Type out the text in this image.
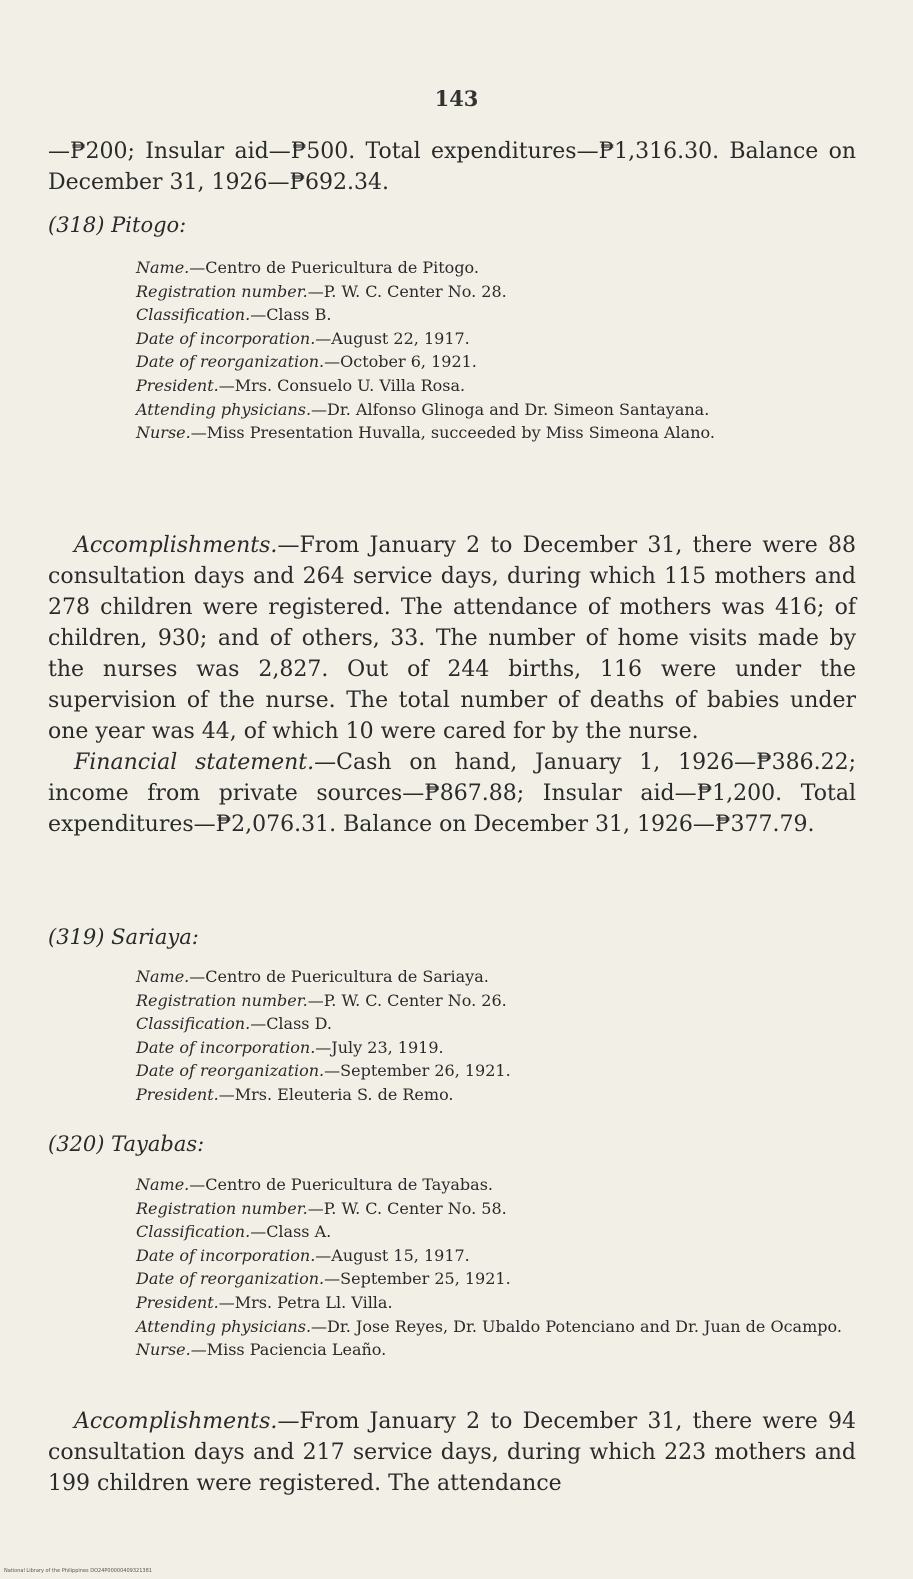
143

—₱200; Insular aid—₱500. Total expenditures—₱1,316.30. Balance on December 31, 1926—₱692.34.

(318) Pitogo:
Name.—Centro de Puericultura de Pitogo.
Registration number.—P. W. C. Center No. 28.
Classification.—Class B.
Date of incorporation.—August 22, 1917.
Date of reorganization.—October 6, 1921.
President.—Mrs. Consuelo U. Villa Rosa.
Attending physicians.—Dr. Alfonso Glinoga and Dr. Simeon Santayana.
Nurse.—Miss Presentation Huvalla, succeeded by Miss Simeona Alano.

Accomplishments.—From January 2 to December 31, there were 88 consultation days and 264 service days, during which 115 mothers and 278 children were registered. The attendance of mothers was 416; of children, 930; and of others, 33. The number of home visits made by the nurses was 2,827. Out of 244 births, 116 were under the supervision of the nurse. The total number of deaths of babies under one year was 44, of which 10 were cared for by the nurse.

Financial statement.—Cash on hand, January 1, 1926—₱386.22; income from private sources—₱867.88; Insular aid—₱1,200. Total expenditures—₱2,076.31. Balance on December 31, 1926—₱377.79.

(319) Sariaya:
Name.—Centro de Puericultura de Sariaya.
Registration number.—P. W. C. Center No. 26.
Classification.—Class D.
Date of incorporation.—July 23, 1919.
Date of reorganization.—September 26, 1921.
President.—Mrs. Eleuteria S. de Remo.
(320) Tayabas:
Name.—Centro de Puericultura de Tayabas.
Registration number.—P. W. C. Center No. 58.
Classification.—Class A.
Date of incorporation.—August 15, 1917.
Date of reorganization.—September 25, 1921.
President.—Mrs. Petra Ll. Villa.
Attending physicians.—Dr. Jose Reyes, Dr. Ubaldo Potenciano and Dr. Juan de Ocampo.
Nurse.—Miss Paciencia Leaño.

Accomplishments.—From January 2 to December 31, there were 94 consultation days and 217 service days, during which 223 mothers and 199 children were registered. The attendance

National Library of the Philippines DO24P00000409321381
